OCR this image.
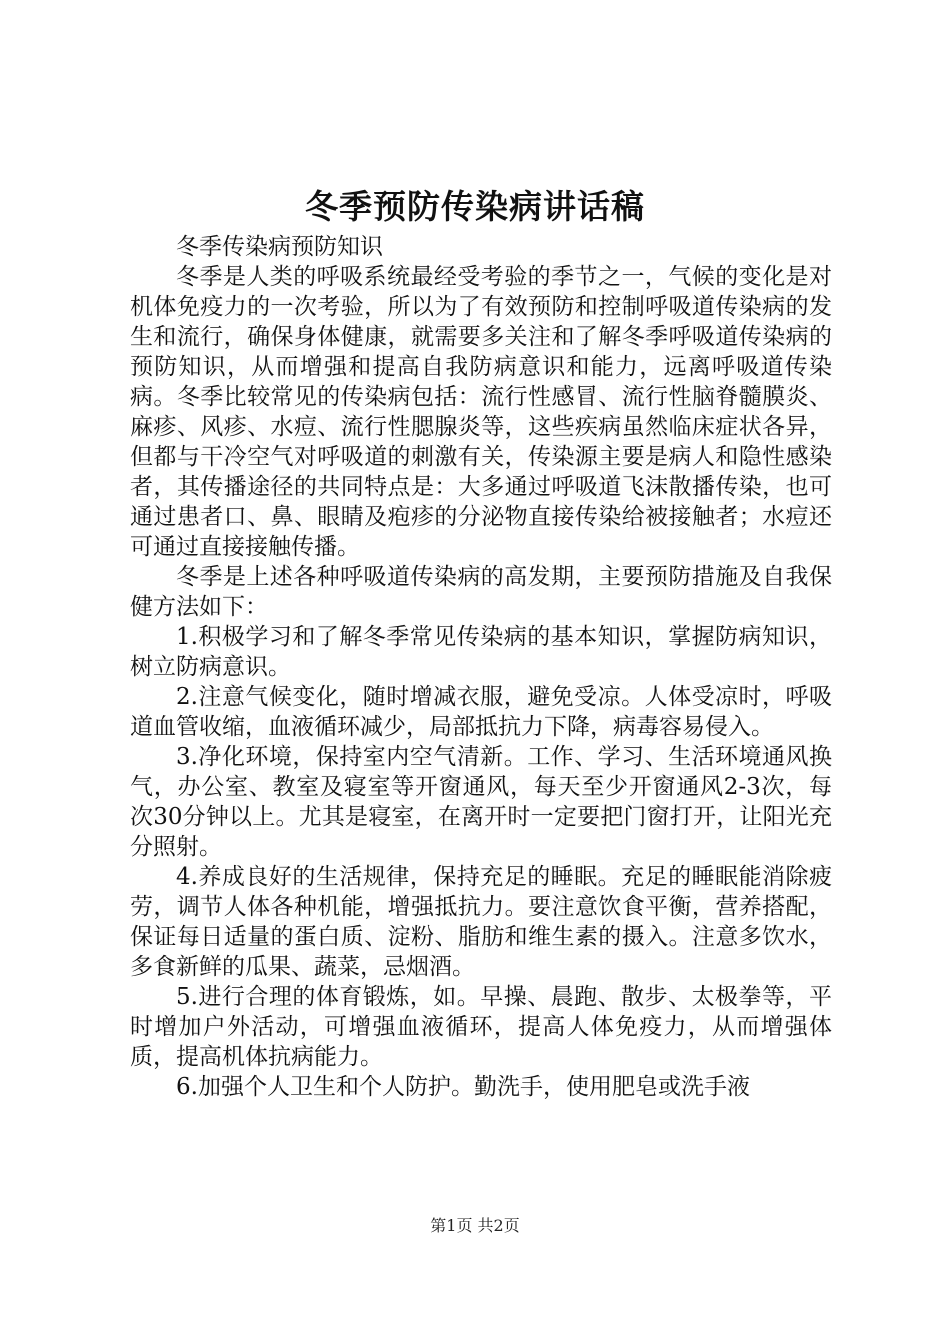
冬季预防传染病讲话稿

冬季传染病预防知识

冬季是人类的呼吸系统最经受考验的季节之一，气候的变化是对机体免疫力的一次考验，所以为了有效预防和控制呼吸道传染病的发生和流行，确保身体健康，就需要多关注和了解冬季呼吸道传染病的预防知识，从而增强和提高自我防病意识和能力，远离呼吸道传染病。冬季比较常见的传染病包括：流行性感冒、流行性脑脊髓膜炎、麻疹、风疹、水痘、流行性腮腺炎等，这些疾病虽然临床症状各异，但都与干冷空气对呼吸道的刺激有关，传染源主要是病人和隐性感染者，其传播途径的共同特点是：大多通过呼吸道飞沫散播传染，也可通过患者口、鼻、眼睛及疱疹的分泌物直接传染给被接触者；水痘还可通过直接接触传播。

冬季是上述各种呼吸道传染病的高发期，主要预防措施及自我保健方法如下：

1.积极学习和了解冬季常见传染病的基本知识，掌握防病知识，树立防病意识。

2.注意气候变化，随时增减衣服，避免受凉。人体受凉时，呼吸道血管收缩，血液循环减少，局部抵抗力下降，病毒容易侵入。

3.净化环境，保持室内空气清新。工作、学习、生活环境通风换气，办公室、教室及寝室等开窗通风，每天至少开窗通风2-3次，每次30分钟以上。尤其是寝室，在离开时一定要把门窗打开，让阳光充分照射。

4.养成良好的生活规律，保持充足的睡眠。充足的睡眠能消除疲劳，调节人体各种机能，增强抵抗力。要注意饮食平衡，营养搭配，保证每日适量的蛋白质、淀粉、脂肪和维生素的摄入。注意多饮水，多食新鲜的瓜果、蔬菜，忌烟酒。

5.进行合理的体育锻炼，如。早操、晨跑、散步、太极拳等，平时增加户外活动，可增强血液循环，提高人体免疫力，从而增强体质，提高机体抗病能力。

6.加强个人卫生和个人防护。勤洗手，使用肥皂或洗手液

第1页 共2页
